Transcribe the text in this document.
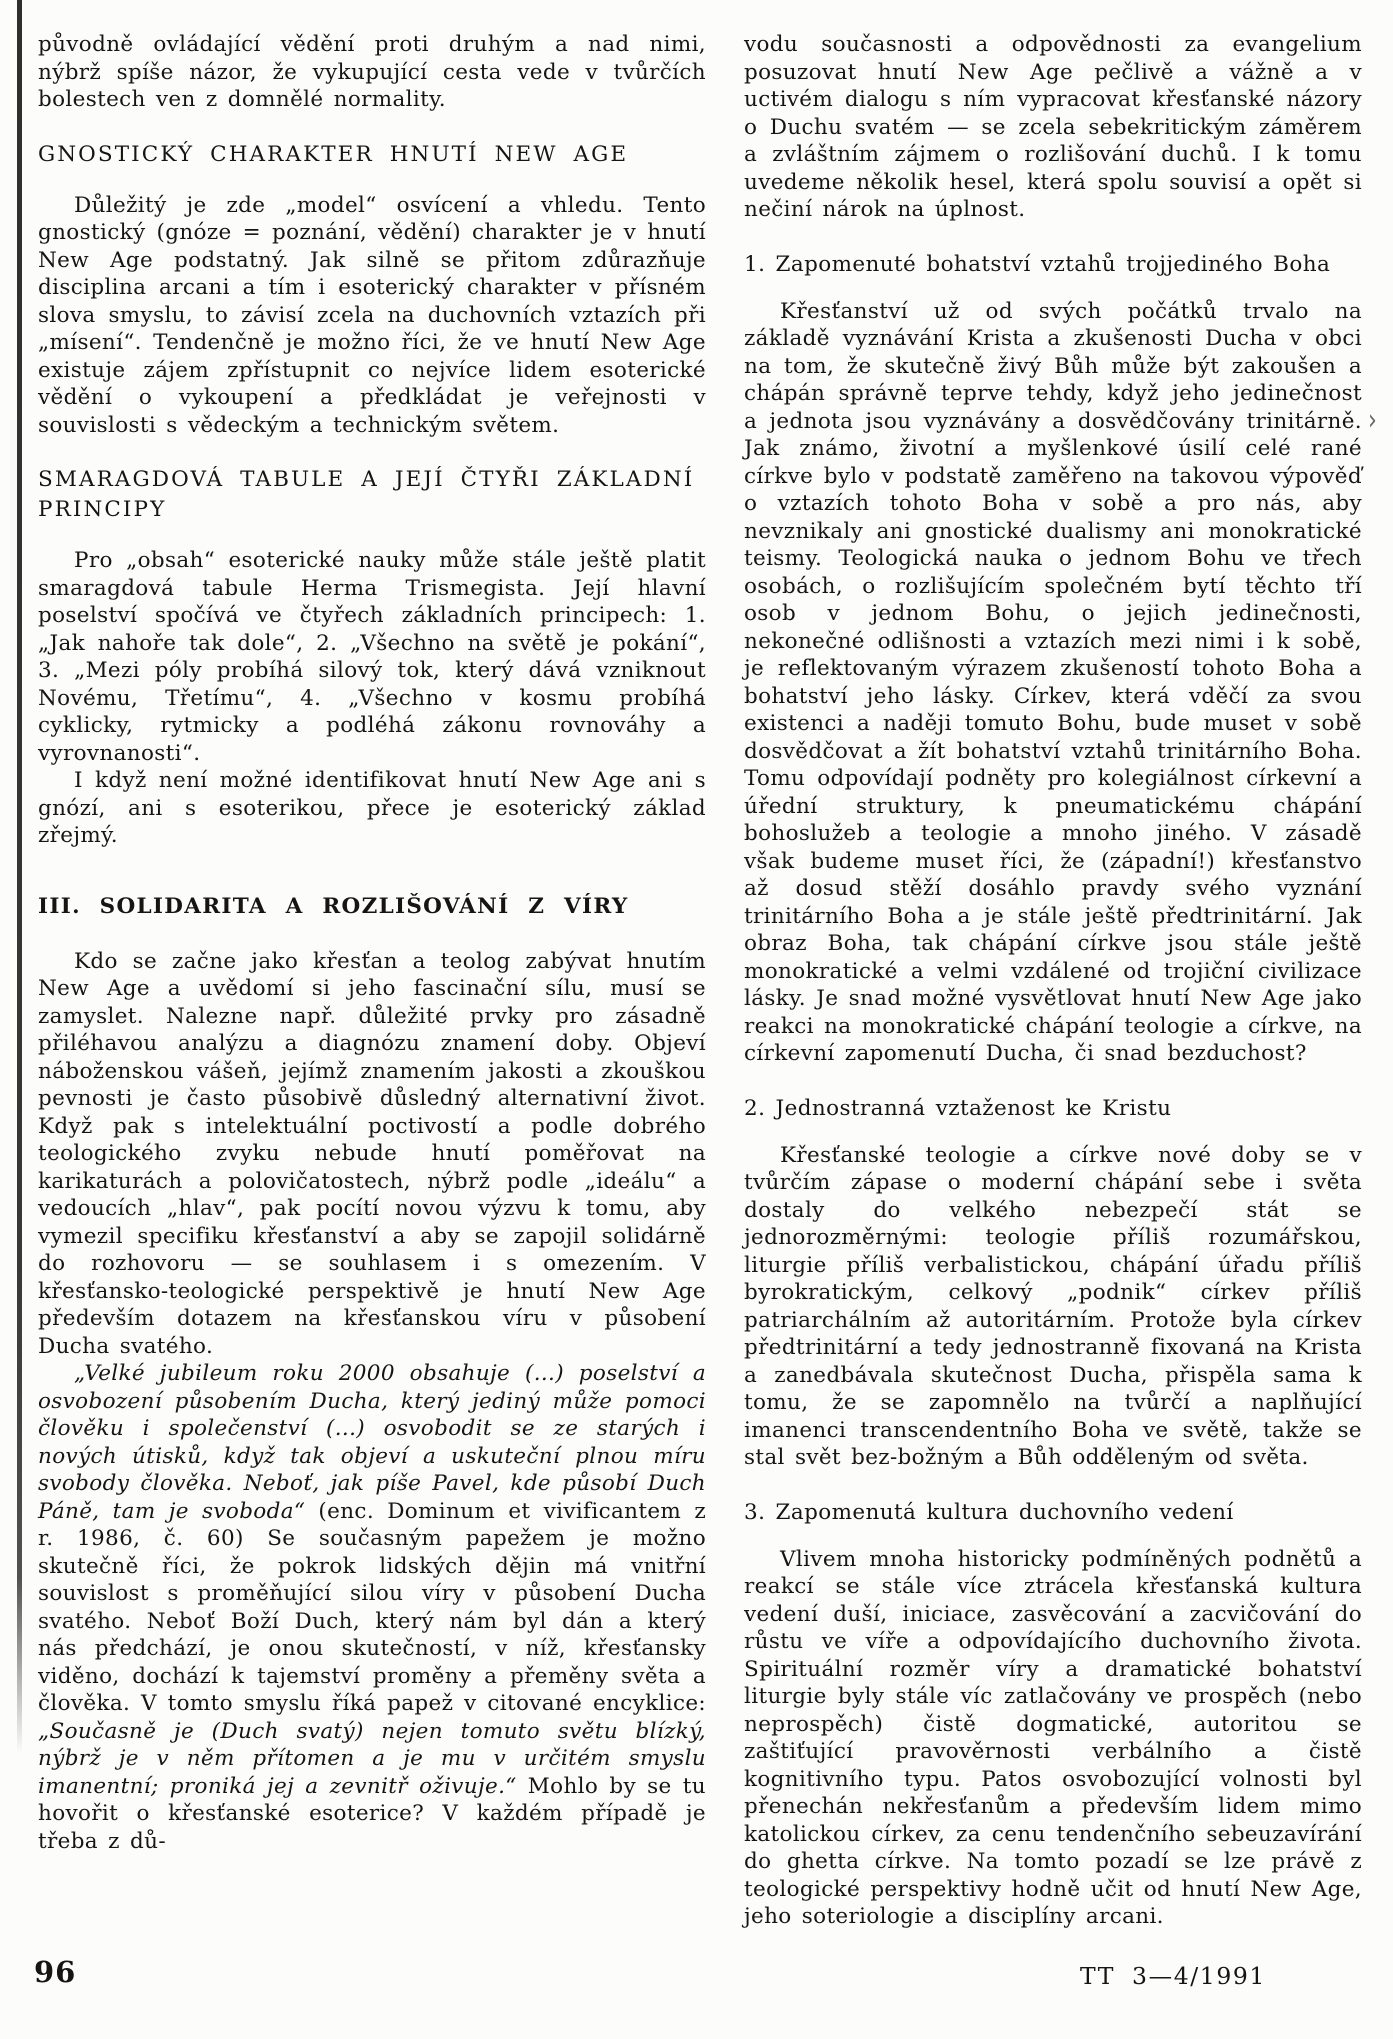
›

původně ovládající vědění proti druhým a nad nimi, nýbrž spíše názor, že vykupující cesta vede v tvůrčích bolestech ven z domnělé normality.

GNOSTICKÝ CHARAKTER HNUTÍ NEW AGE

Důležitý je zde „model“ osvícení a vhledu. Tento gnostický (gnóze = poznání, vědění) charakter je v hnutí New Age podstatný. Jak silně se přitom zdůrazňuje disciplina arcani a tím i esoterický charakter v přísném slova smyslu, to závisí zcela na duchovních vztazích při „mísení“. Tendenčně je možno říci, že ve hnutí New Age existuje zájem zpřístupnit co nejvíce lidem esoterické vědění o vykoupení a předkládat je veřejnosti v souvislosti s vědeckým a technickým světem.

SMARAGDOVÁ TABULE A JEJÍ ČTYŘI ZÁKLADNÍ PRINCIPY

Pro „obsah“ esoterické nauky může stále ještě platit smaragdová tabule Herma Trismegista. Její hlavní poselství spočívá ve čtyřech základních principech: 1. „Jak nahoře tak dole“, 2. „Všechno na světě je pokání“, 3. „Mezi póly probíhá silový tok, který dává vzniknout Novému, Třetímu“, 4. „Všechno v kosmu probíhá cyklicky, rytmicky a podléhá zákonu rovnováhy a vyrovnanosti“.

I když není možné identifikovat hnutí New Age ani s gnózí, ani s esoterikou, přece je esoterický základ zřejmý.

III. SOLIDARITA A ROZLIŠOVÁNÍ Z VÍRY

Kdo se začne jako křesťan a teolog zabývat hnutím New Age a uvědomí si jeho fascinační sílu, musí se zamyslet. Nalezne např. důležité prvky pro zásadně přiléhavou analýzu a diagnózu znamení doby. Objeví náboženskou vášeň, jejímž znamením jakosti a zkouškou pevnosti je často působivě důsledný alternativní život. Když pak s intelektuální poctivostí a podle dobrého teologického zvyku nebude hnutí poměřovat na karikaturách a polovičatostech, nýbrž podle „ideálu“ a vedoucích „hlav“, pak pocítí novou výzvu k tomu, aby vymezil specifiku křesťanství a aby se zapojil solidárně do rozhovoru — se souhlasem i s omezením. V křesťansko-teologické perspektivě je hnutí New Age především dotazem na křesťanskou víru v působení Ducha svatého.

„Velké jubileum roku 2000 obsahuje (...) poselství a osvobození působením Ducha, který jediný může pomoci člověku i společenství (...) osvobodit se ze starých i nových útisků, když tak objeví a uskuteční plnou míru svobody člověka. Neboť, jak píše Pavel, kde působí Duch Páně, tam je svoboda“ (enc. Dominum et vivificantem z r. 1986, č. 60) Se současným papežem je možno skutečně říci, že pokrok lidských dějin má vnitřní souvislost s proměňující silou víry v působení Ducha svatého. Neboť Boží Duch, který nám byl dán a který nás předchází, je onou skutečností, v níž, křesťansky viděno, dochází k tajemství proměny a přeměny světa a člověka. V tomto smyslu říká papež v citované encyklice: „Současně je (Duch svatý) nejen tomuto světu blízký, nýbrž je v něm přítomen a je mu v určitém smyslu imanentní; proniká jej a zevnitř oživuje.“ Mohlo by se tu hovořit o křesťanské esoterice? V každém případě je třeba z dů-

vodu současnosti a odpovědnosti za evangelium posuzovat hnutí New Age pečlivě a vážně a v uctivém dialogu s ním vypracovat křesťanské názory o Duchu svatém — se zcela sebekritickým záměrem a zvláštním zájmem o rozlišování duchů. I k tomu uvedeme několik hesel, která spolu souvisí a opět si nečiní nárok na úplnost.

1. Zapomenuté bohatství vztahů trojjediného Boha

Křesťanství už od svých počátků trvalo na základě vyznávání Krista a zkušenosti Ducha v obci na tom, že skutečně živý Bůh může být zakoušen a chápán správně teprve tehdy, když jeho jedinečnost a jednota jsou vyznávány a dosvědčovány trinitárně. Jak známo, životní a myšlenkové úsilí celé rané církve bylo v podstatě zaměřeno na takovou výpověď o vztazích tohoto Boha v sobě a pro nás, aby nevznikaly ani gnostické dualismy ani monokratické teismy. Teologická nauka o jednom Bohu ve třech osobách, o rozlišujícím společném bytí těchto tří osob v jednom Bohu, o jejich jedinečnosti, nekonečné odlišnosti a vztazích mezi nimi i k sobě, je reflektovaným výrazem zkušeností tohoto Boha a bohatství jeho lásky. Církev, která vděčí za svou existenci a naději tomuto Bohu, bude muset v sobě dosvědčovat a žít bohatství vztahů trinitárního Boha. Tomu odpovídají podněty pro kolegiálnost církevní a úřední struktury, k pneumatickému chápání bohoslužeb a teologie a mnoho jiného. V zásadě však budeme muset říci, že (západní!) křesťanstvo až dosud stěží dosáhlo pravdy svého vyznání trinitárního Boha a je stále ještě předtrinitární. Jak obraz Boha, tak chápání církve jsou stále ještě monokratické a velmi vzdálené od trojiční civilizace lásky. Je snad možné vysvětlovat hnutí New Age jako reakci na monokratické chápání teologie a církve, na církevní zapomenutí Ducha, či snad bezduchost?

2. Jednostranná vztaženost ke Kristu

Křesťanské teologie a církve nové doby se v tvůrčím zápase o moderní chápání sebe i světa dostaly do velkého nebezpečí stát se jednorozměrnými: teologie příliš rozumářskou, liturgie příliš verbalistickou, chápání úřadu příliš byrokratickým, celkový „podnik“ církev příliš patriarchálním až autoritárním. Protože byla církev předtrinitární a tedy jednostranně fixovaná na Krista a zanedbávala skutečnost Ducha, přispěla sama k tomu, že se zapomnělo na tvůrčí a naplňující imanenci transcendentního Boha ve světě, takže se stal svět bez-božným a Bůh odděleným od světa.

3. Zapomenutá kultura duchovního vedení

Vlivem mnoha historicky podmíněných podnětů a reakcí se stále více ztrácela křesťanská kultura vedení duší, iniciace, zasvěcování a zacvičování do růstu ve víře a odpovídajícího duchovního života. Spirituální rozměr víry a dramatické bohatství liturgie byly stále víc zatlačovány ve prospěch (nebo neprospěch) čistě dogmatické, autoritou se zaštiťující pravověrnosti verbálního a čistě kognitivního typu. Patos osvobozující volnosti byl přenechán nekřesťanům a především lidem mimo katolickou církev, za cenu tendenčního sebeuzavírání do ghetta církve. Na tomto pozadí se lze právě z teologické perspektivy hodně učit od hnutí New Age, jeho soteriologie a disciplíny arcani.

96	TT 3—4/1991
